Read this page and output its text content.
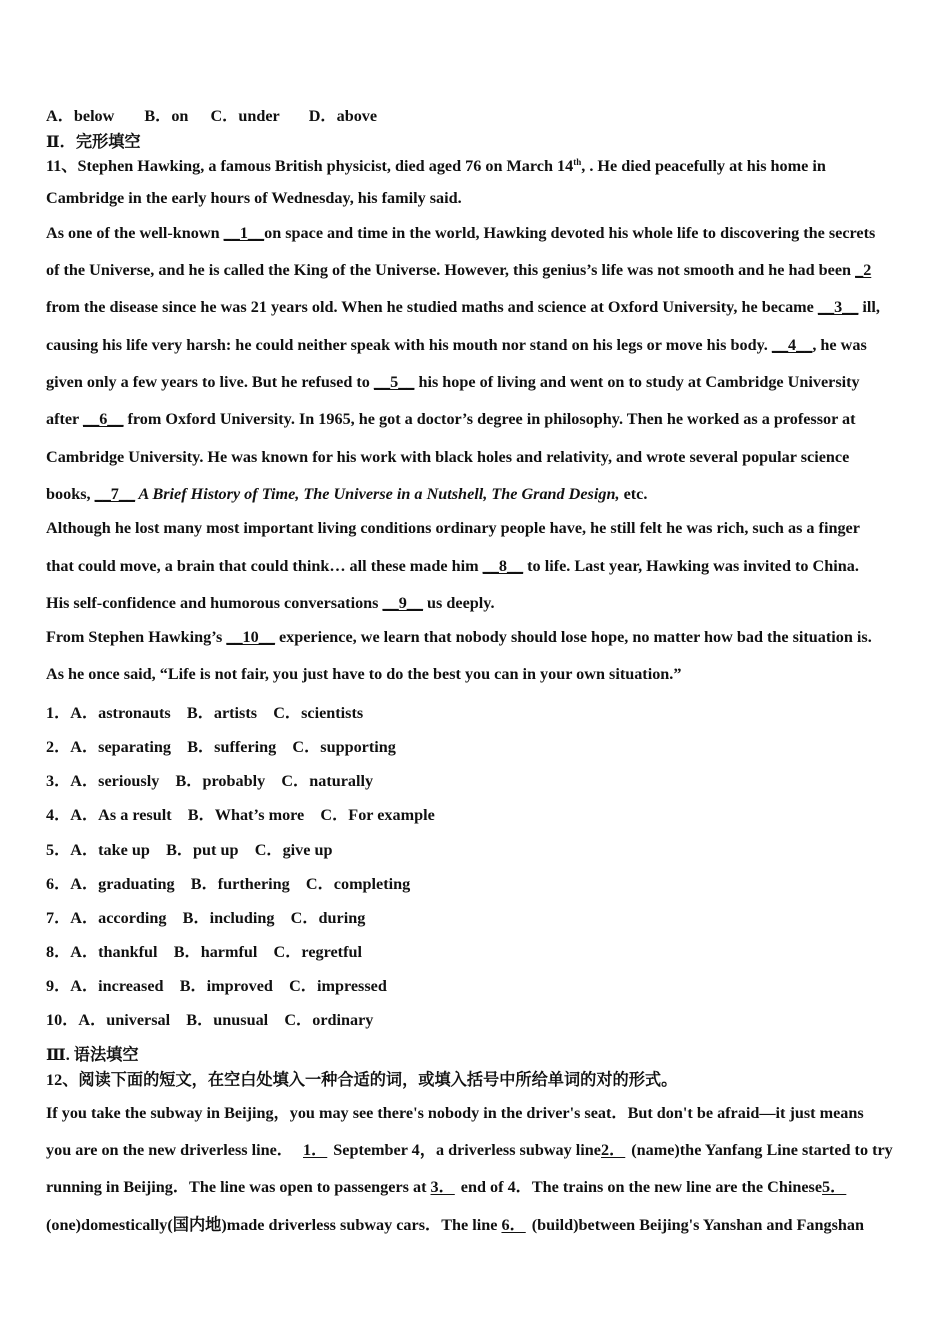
A．below B．on C．under D．above
Ⅱ．完形填空
11、Stephen Hawking, a famous British physicist, died aged 76 on March 14th, . He died peacefully at his home in
Cambridge in the early hours of Wednesday, his family said.
As one of the well-known __1__on space and time in the world, Hawking devoted his whole life to discovering the secrets
of the Universe, and he is called the King of the Universe. However, this genius’s life was not smooth and he had been _2
from the disease since he was 21 years old. When he studied maths and science at Oxford University, he became __3__ ill,
causing his life very harsh: he could neither speak with his mouth nor stand on his legs or move his body. __4__, he was
given only a few years to live. But he refused to __5__ his hope of living and went on to study at Cambridge University
after __6__ from Oxford University. In 1965, he got a doctor’s degree in philosophy. Then he worked as a professor at
Cambridge University. He was known for his work with black holes and relativity, and wrote several popular science
books, __7__ A Brief History of Time, The Universe in a Nutshell, The Grand Design, etc.
Although he lost many most important living conditions ordinary people have, he still felt he was rich, such as a finger
that could move, a brain that could think… all these made him __8__ to life. Last year, Hawking was invited to China.
His self-confidence and humorous conversations __9__ us deeply.
From Stephen Hawking’s __10__ experience, we learn that nobody should lose hope, no matter how bad the situation is.
As he once said, “Life is not fair, you just have to do the best you can in your own situation.”
1．A．astronauts　B．artists　C．scientists
2．A．separating　B．suffering　C．supporting
3．A．seriously　B．probably　C．naturally
4．A．As a result　B．What’s more　C．For example
5．A．take up　B．put up　C．give up
6．A．graduating　B．furthering　C．completing
7．A．according　B．including　C．during
8．A．thankful　B．harmful　C．regretful
9．A．increased　B．improved　C．impressed
10．A．universal　B．unusual　C．ordinary
Ⅲ. 语法填空
12、阅读下面的短文，在空白处填入一种合适的词，或填入括号中所给单词的对的形式。
If you take the subway in Beijing，you may see there's nobody in the driver's seat．But don't be afraid—it just means
you are on the new driverless line． 1． September 4，a driverless subway line2． (name)the Yanfang Line started to try
running in Beijing．The line was open to passengers at 3． end of 4．The trains on the new line are the Chinese5．
(one)domestically(国内地)made driverless subway cars．The line 6． (build)between Beijing's Yanshan and Fangshan
